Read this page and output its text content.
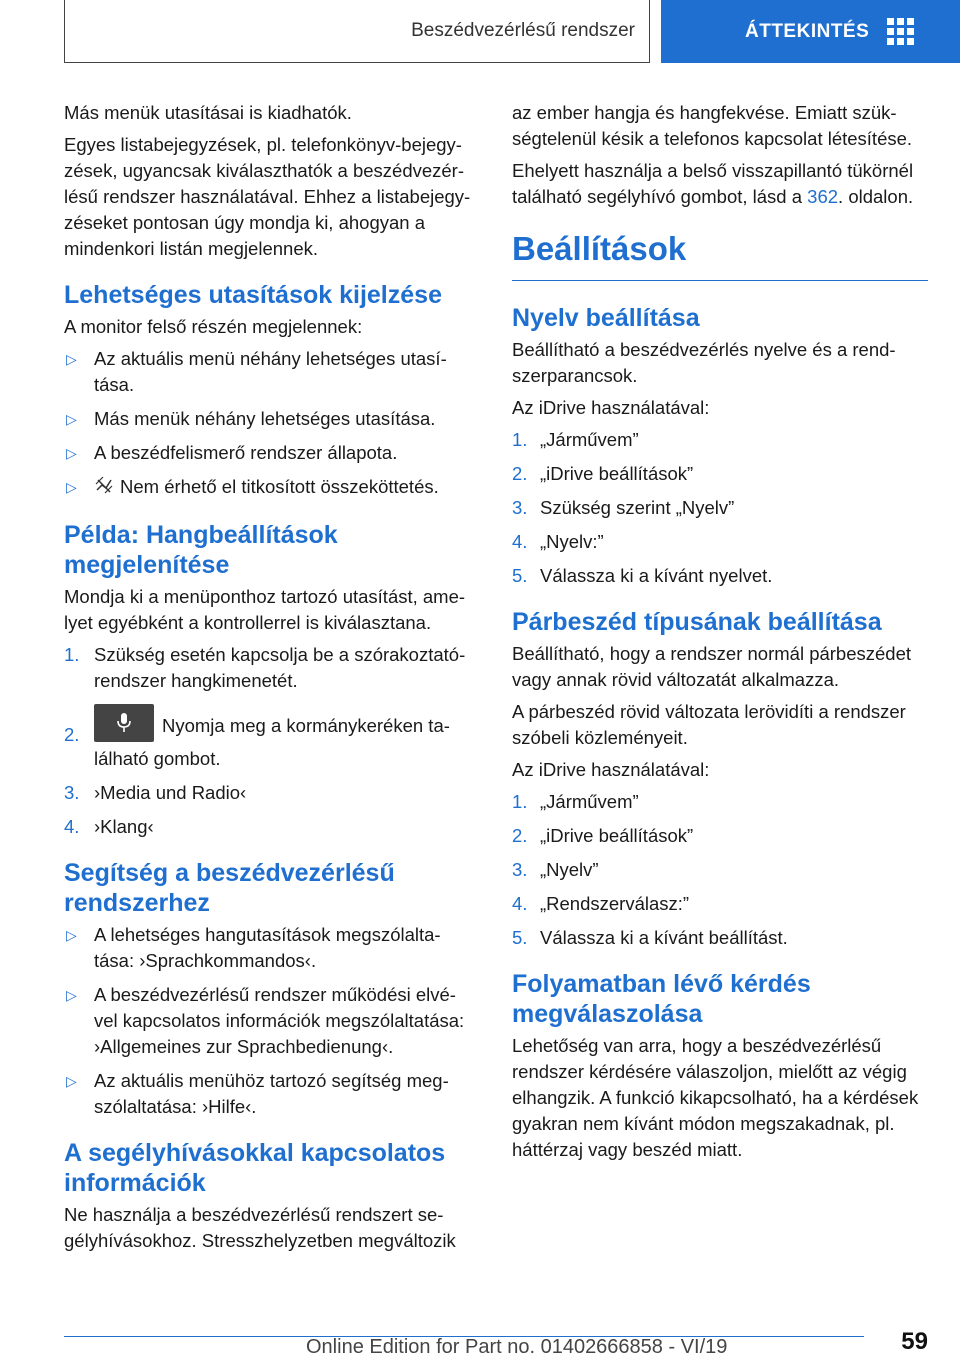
Beszédvezérlésű rendszer	ÁTTEKINTÉS

Más menük utasításai is kiadhatók.

Egyes listabejegyzések, pl. telefonkönyv-bejegy-zések, ugyancsak kiválaszthatók a beszédvezér-lésű rendszer használatával. Ehhez a listabejegy-zéseket pontosan úgy mondja ki, ahogyan a mindenkori listán megjelennek.

Lehetséges utasítások kijelzése

A monitor felső részén megjelennek:

▷ Az aktuális menü néhány lehetséges utasí-tása.
▷ Más menük néhány lehetséges utasítása.
▷ A beszédfelismerő rendszer állapota.
▷ Nem érhető el titkosított összeköttetés.
Példa: Hangbeállítások megjelenítése

Mondja ki a menüponthoz tartozó utasítást, ame-lyet egyébként a kontrollerrel is kiválasztana.

1. Szükség esetén kapcsolja be a szórakoztató-rendszer hangkimenetét.
2.	Nyomja meg a kormánykeréken ta-lálható gombot.
3. ›Media und Radio‹
4. ›Klang‹
Segítség a beszédvezérlésű rendszerhez
▷ A lehetséges hangutasítások megszólalta-tása: ›Sprachkommandos‹.
▷ A beszédvezérlésű rendszer működési elvé-vel kapcsolatos információk megszólaltatása: ›Allgemeines zur Sprachbedienung‹.
▷ Az aktuális menühöz tartozó segítség meg-szólaltatása: ›Hilfe‹.
A segélyhívásokkal kapcsolatos információk

Ne használja a beszédvezérlésű rendszert se-gélyhívásokhoz. Stresszhelyzetben megváltozik

az ember hangja és hangfekvése. Emiatt szük-ségtelenül késik a telefonos kapcsolat létesítése.

Ehelyett használja a belső visszapillantó tükörnél található segélyhívó gombot, lásd a 362. oldalon.

Beállítások
Nyelv beállítása

Beállítható a beszédvezérlés nyelve és a rend-szerparancsok.

Az iDrive használatával:

1. „Járművem”
2. „iDrive beállítások”
3. Szükség szerint „Nyelv”
4. „Nyelv:”
5. Válassza ki a kívánt nyelvet.
Párbeszéd típusának beállítása

Beállítható, hogy a rendszer normál párbeszédet vagy annak rövid változatát alkalmazza.

A párbeszéd rövid változata lerövidíti a rendszer szóbeli közleményeit.

Az iDrive használatával:

1. „Járművem”
2. „iDrive beállítások”
3. „Nyelv”
4. „Rendszerválasz:”
5. Válassza ki a kívánt beállítást.
Folyamatban lévő kérdés megválaszolása

Lehetőség van arra, hogy a beszédvezérlésű rendszer kérdésére válaszoljon, mielőtt az végig elhangzik. A funkció kikapcsolható, ha a kérdések gyakran nem kívánt módon megszakadnak, pl. háttérzaj vagy beszéd miatt.

59
Online Edition for Part no. 01402666858 - VI/19
